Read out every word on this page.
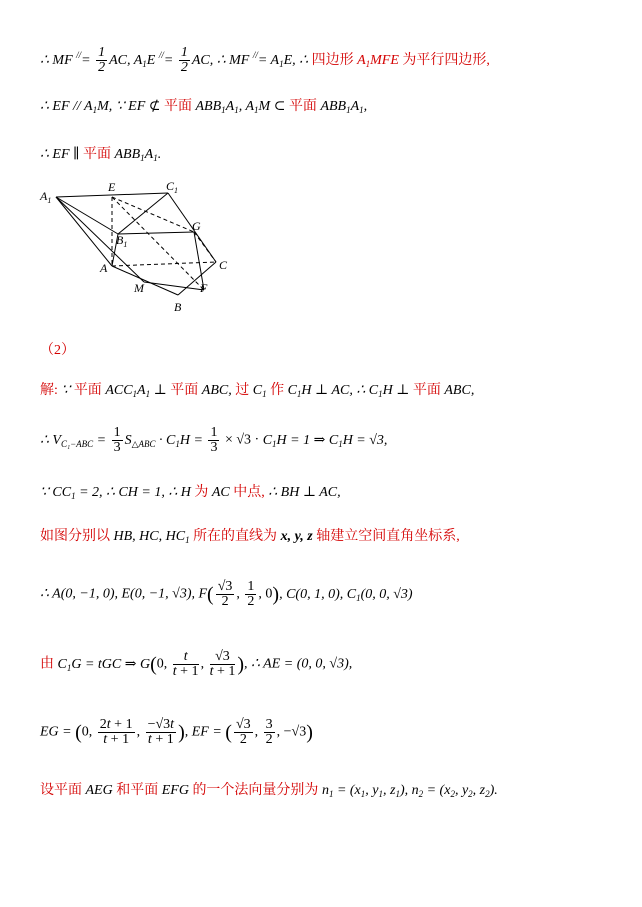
∴ MF $^{//}= \frac{1}{2}$ AC, $A_1E$ $^{//}= \frac{1}{2}$ AC, ∴ MF $^{//}= A_1E$, ∴ 四边形 $A_1MFE$ 为平行四边形,
∴ EF // $A_1M$, ∵ EF ⊄ 平面 $ABB_1A_1$, $A_1M$ ⊂ 平面 $ABB_1A_1$,
∴ EF ∥ 平面 $ABB_1A_1$.
$A_1$
E	$C_1$
$B_1$
G
C
A
M	F
B
（2）
解: ∵ 平面 $ACC_1A_1$ ⊥ 平面 ABC, 过 $C_1$ 作 $C_1H$ ⊥ AC, ∴ $C_1H$ ⊥ 平面 ABC,
∴ $V_{C_1-ABC} = \frac{1}{3} S_{\triangle ABC} \cdot C_1H = \frac{1}{3} \times √3 \cdot C_1H = 1$ ⇒ $C_1H = √3$,
∵ $CC_1 = 2$, ∴ CH = 1, ∴ H 为 AC 中点, ∴ BH ⊥ AC,
如图分别以 HB, HC, $HC_1$ 所在的直线为 x, y, z 轴建立空间直角坐标系,
∴ A(0, −1, 0), E(0, −1, √3), $F( \frac{√3}{2}$ , $\frac{1}{2}$ , 0), C(0, 1, 0), $C_1(0$, 0, √3)
由 $C_1G$ = tGC ⇒ G(0, $\frac{t}{t + 1}$ , $\frac{√3}{t + 1}$ ), ∴ AE = (0, 0, √3),
EG = (0, $\frac{2t + 1}{t + 1}$ , $\frac{-√3t}{t + 1}$ ), EF = ( $\frac{√3}{2}$ , $\frac{3}{2}$ , −√3)
设平面 AEG 和平面 EFG 的一个法向量分别为 $n_1 = (x_1$, $y_1$, $z_1$), $n_2 = (x_2$, $y_2$, $z_2$).
